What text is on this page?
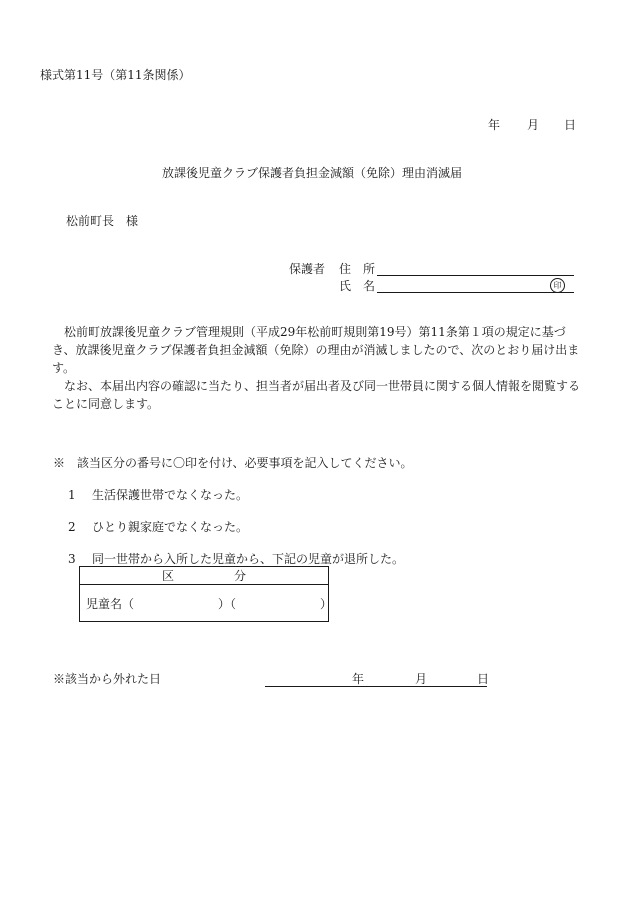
様式第11号（第11条関係）
年 月 日
放課後児童クラブ保護者負担金減額（免除）理由消滅届
松前町長　様
保護者 住　所
氏　名	印

松前町放課後児童クラブ管理規則（平成29年松前町規則第19号）第11条第１項の規定に基づき、放課後児童クラブ保護者負担金減額（免除）の理由が消滅しましたので、次のとおり届け出ます。

なお、本届出内容の確認に当たり、担当者が届出者及び同一世帯員に関する個人情報を閲覧することに同意します。

※　該当区分の番号に〇印を付け、必要事項を記入してください。
1 生活保護世帯でなくなった。
2 ひとり親家庭でなくなった。
3 同一世帯から入所した児童から、下記の児童が退所した。
区　　　　　分
児童名（　　　　　　　）（　　　　　　　）
※該当から外れた日	年	月	日
